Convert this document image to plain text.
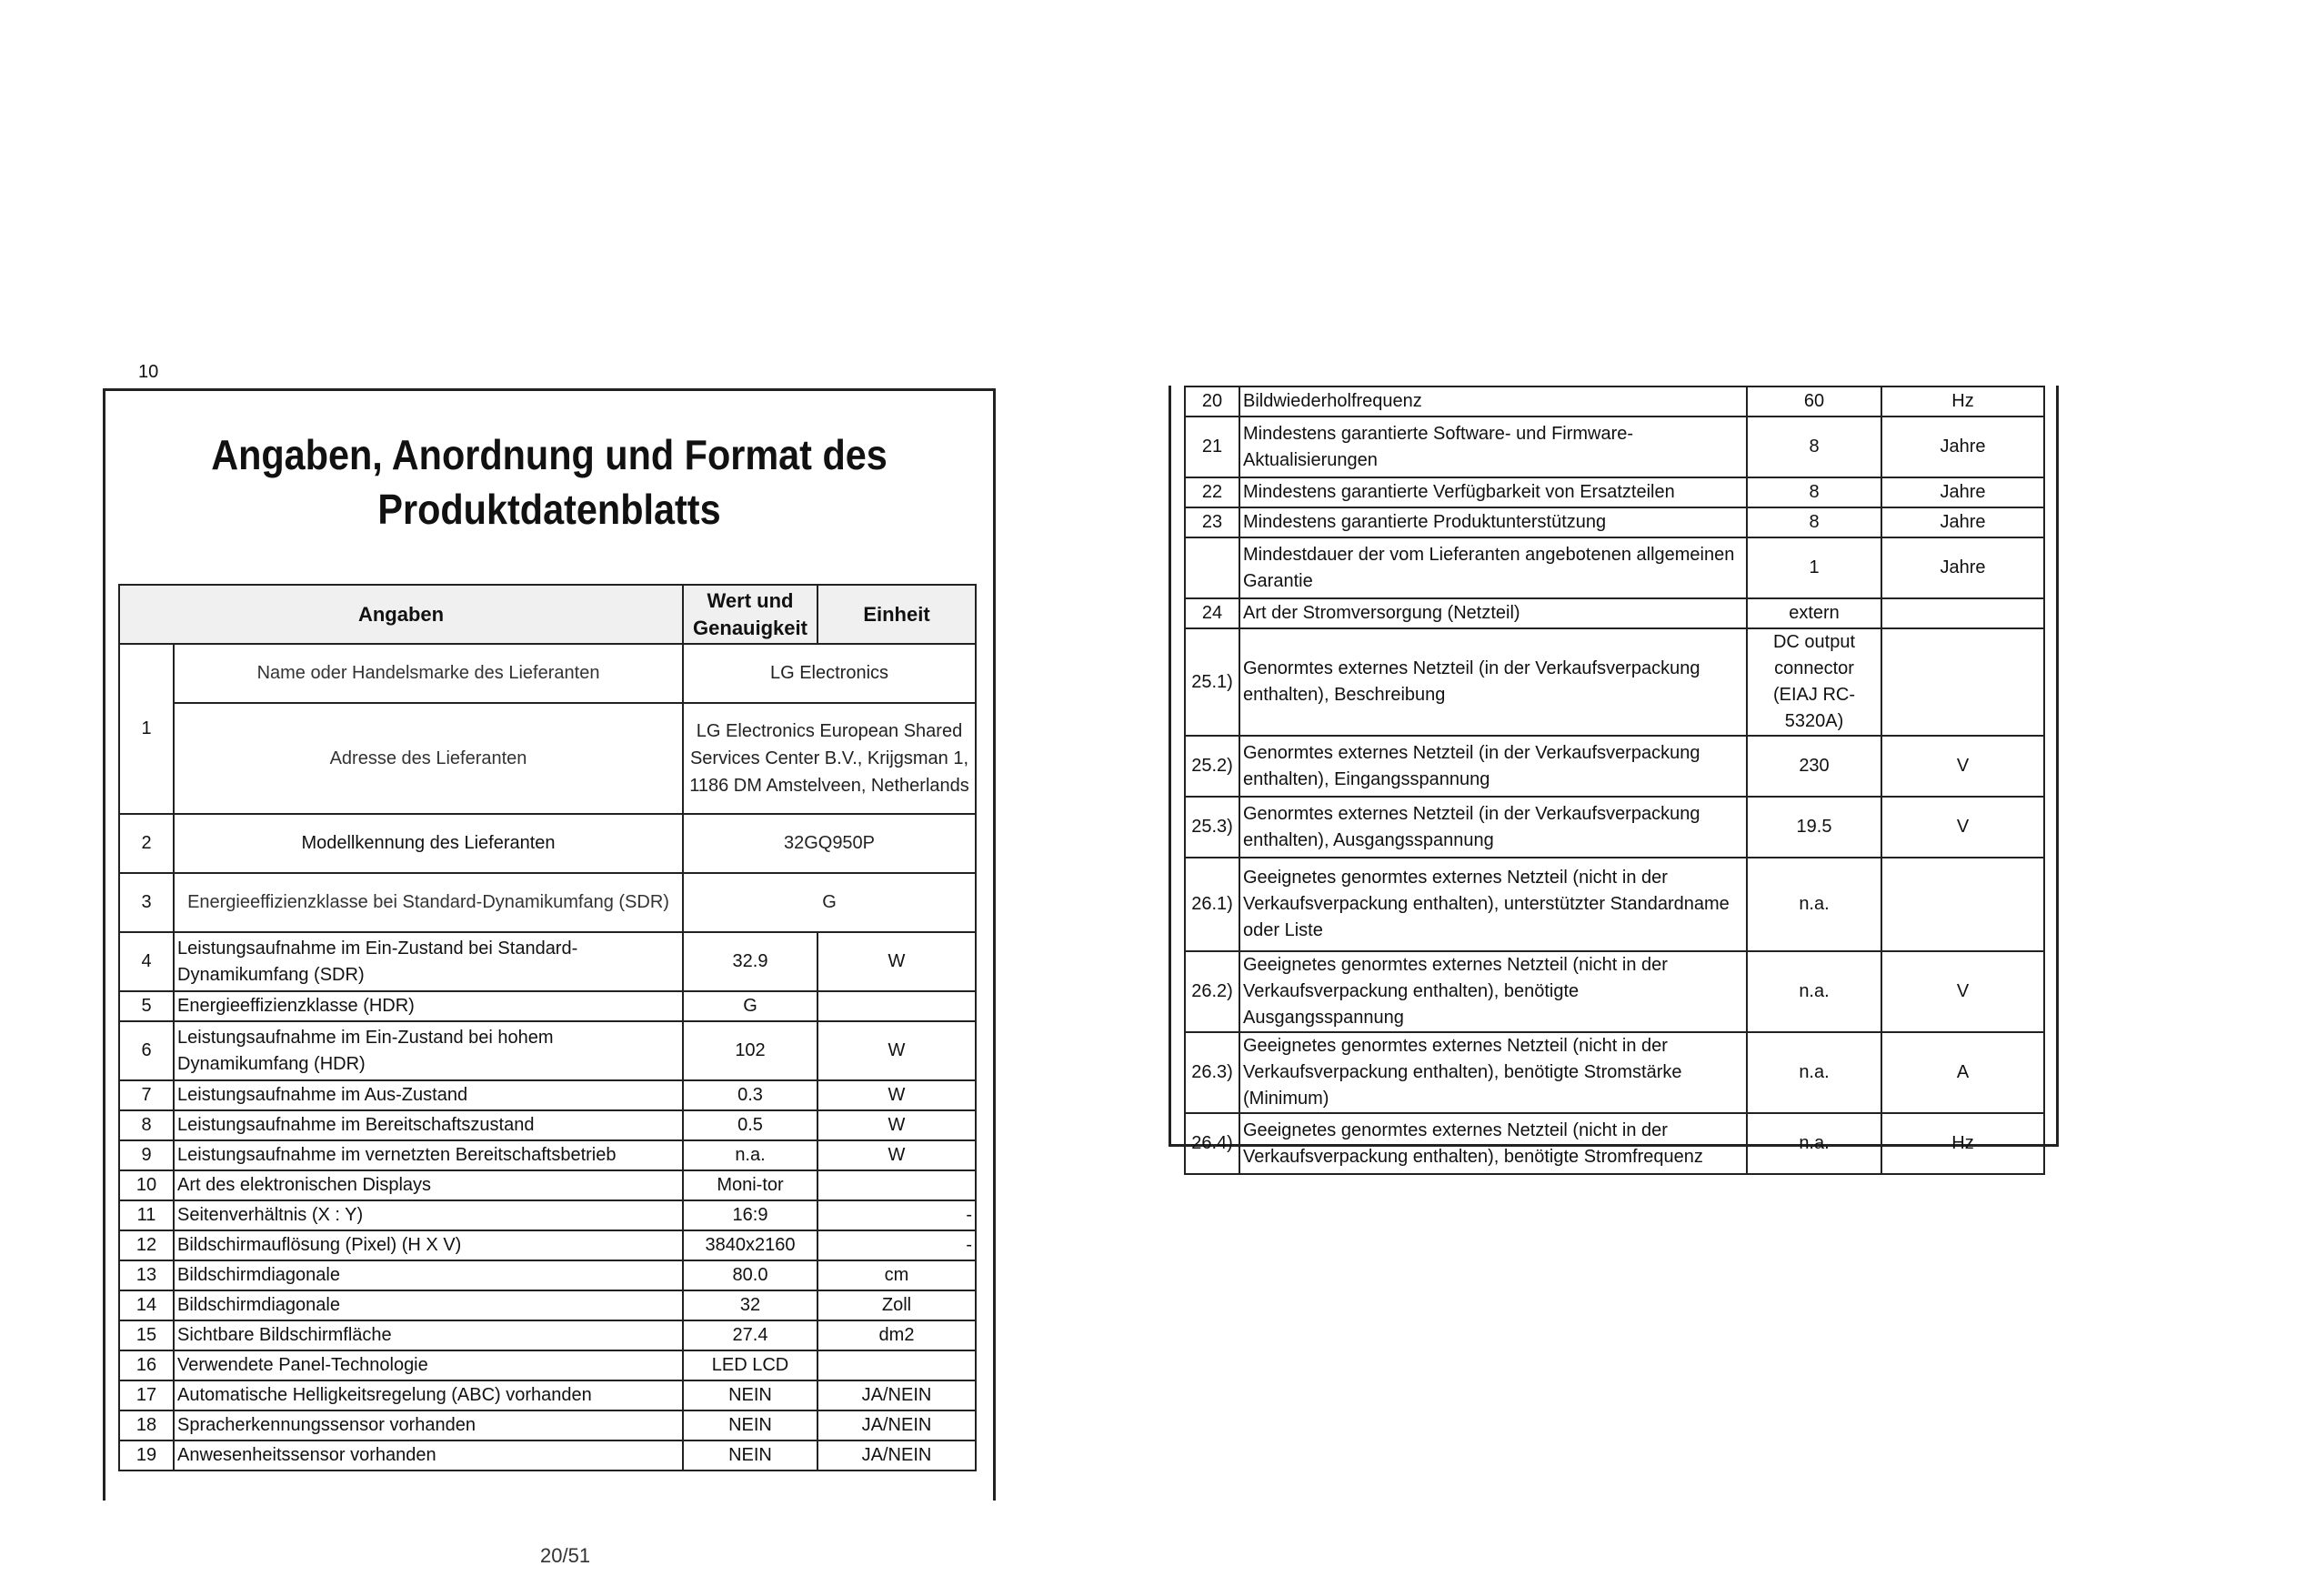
10
Angaben, Anordnung und Format des
Produktdatenblatts
Angaben		Wert und Genauigkeit	Einheit
1	Name oder Handelsmarke des Lieferanten	LG Electronics	
	Adresse des Lieferanten	LG Electronics European Shared Services Center B.V., Krijgsman 1, 1186 DM Amstelveen, Netherlands	
2	Modellkennung des Lieferanten	32GQ950P	
3	Energieeffizienzklasse bei Standard-Dynamikumfang (SDR)	G	
4	Leistungsaufnahme im Ein-Zustand bei Standard-Dynamikumfang (SDR)	32.9	W
5	Energieeffizienzklasse (HDR)	G	
6	Leistungsaufnahme im Ein-Zustand bei hohem Dynamikumfang (HDR)	102	W
7	Leistungsaufnahme im Aus-Zustand	0.3	W
8	Leistungsaufnahme im Bereitschaftszustand	0.5	W
9	Leistungsaufnahme im vernetzten Bereitschaftsbetrieb	n.a.	W
10	Art des elektronischen Displays	Moni-tor	
11	Seitenverhältnis (X : Y)	16:9	-
12	Bildschirmauflösung (Pixel) (H X V)	3840x2160	-
13	Bildschirmdiagonale	80.0	cm
14	Bildschirmdiagonale	32	Zoll
15	Sichtbare Bildschirmfläche	27.4	dm2
16	Verwendete Panel-Technologie	LED LCD	
17	Automatische Helligkeitsregelung (ABC) vorhanden	NEIN	JA/NEIN
18	Spracherkennungssensor vorhanden	NEIN	JA/NEIN
19	Anwesenheitssensor vorhanden	NEIN	JA/NEIN
20	Bildwiederholfrequenz	60	Hz
21	Mindestens garantierte Software- und Firmware-Aktualisierungen	8	Jahre
22	Mindestens garantierte Verfügbarkeit von Ersatzteilen	8	Jahre
23	Mindestens garantierte Produktunterstützung	8	Jahre
	Mindestdauer der vom Lieferanten angebotenen allgemeinen Garantie	1	Jahre
24	Art der Stromversorgung (Netzteil)	extern	
25.1)	Genormtes externes Netzteil (in der Verkaufsverpackung enthalten), Beschreibung	DC output connector (EIAJ RC-5320A)	
25.2)	Genormtes externes Netzteil (in der Verkaufsverpackung enthalten), Eingangsspannung	230	V
25.3)	Genormtes externes Netzteil (in der Verkaufsverpackung enthalten), Ausgangsspannung	19.5	V
26.1)	Geeignetes genormtes externes Netzteil (nicht in der Verkaufsverpackung enthalten), unterstützter Standardname oder Liste	n.a.	
26.2)	Geeignetes genormtes externes Netzteil (nicht in der Verkaufsverpackung enthalten), benötigte Ausgangsspannung	n.a.	V
26.3)	Geeignetes genormtes externes Netzteil (nicht in der Verkaufsverpackung enthalten), benötigte Stromstärke (Minimum)	n.a.	A
26.4)	Geeignetes genormtes externes Netzteil (nicht in der Verkaufsverpackung enthalten), benötigte Stromfrequenz	n.a.	Hz
20/51
